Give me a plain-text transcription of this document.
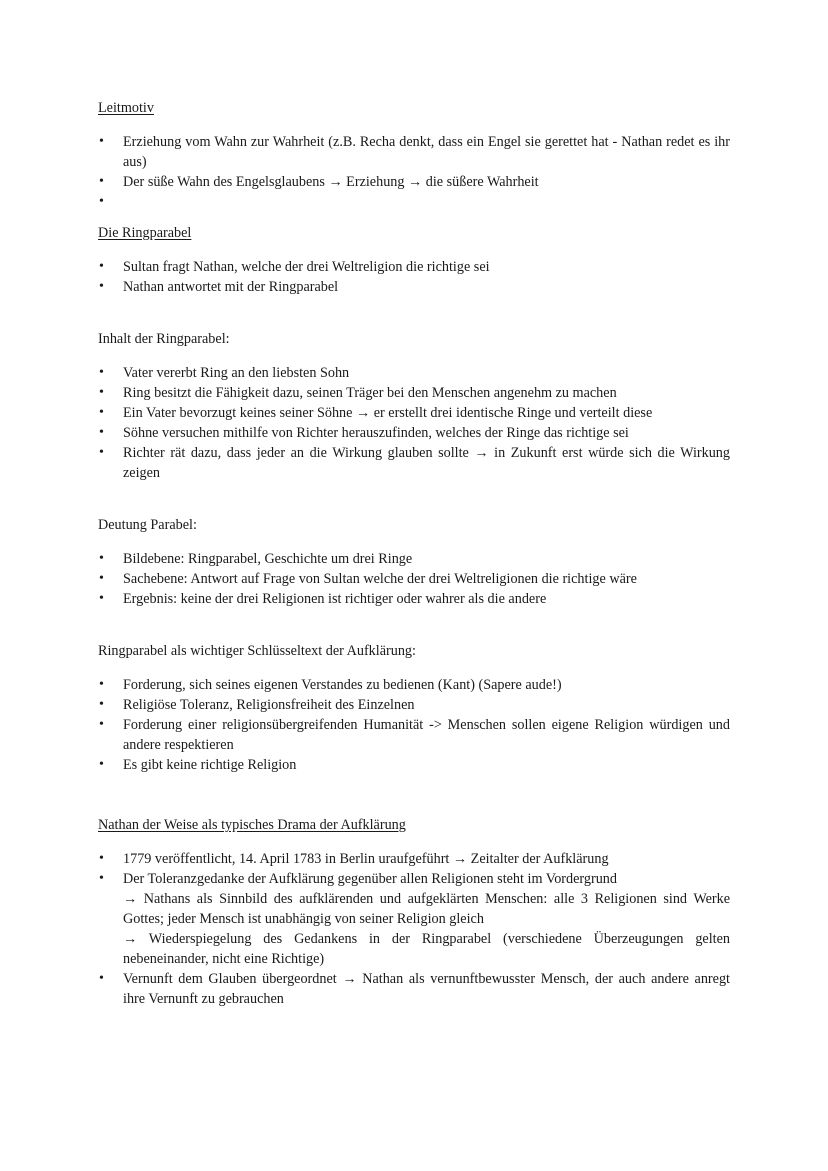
Leitmotiv
•	Erziehung vom Wahn zur Wahrheit (z.B. Recha denkt, dass ein Engel sie gerettet hat - Nathan redet es ihr aus)
•	Der süße Wahn des Engelsglaubens → Erziehung → die süßere Wahrheit
•
Die Ringparabel
•	Sultan fragt Nathan, welche der drei Weltreligion die richtige sei
•	Nathan antwortet mit der Ringparabel
Inhalt der Ringparabel:
•	Vater vererbt Ring an den liebsten Sohn
•	Ring besitzt die Fähigkeit dazu, seinen Träger bei den Menschen angenehm zu machen
•	Ein Vater bevorzugt keines seiner Söhne → er erstellt drei identische Ringe und verteilt diese
•	Söhne versuchen mithilfe von Richter herauszufinden, welches der Ringe das richtige sei
•	Richter rät dazu, dass jeder an die Wirkung glauben sollte → in Zukunft erst würde sich die Wirkung zeigen
Deutung Parabel:
•	Bildebene: Ringparabel, Geschichte um drei Ringe
•	Sachebene: Antwort auf Frage von Sultan welche der drei Weltreligionen die richtige wäre
•	Ergebnis: keine der drei Religionen ist richtiger oder wahrer als die andere
Ringparabel als wichtiger Schlüsseltext der Aufklärung:
•	Forderung, sich seines eigenen Verstandes zu bedienen (Kant) (Sapere aude!)
•	Religiöse Toleranz, Religionsfreiheit des Einzelnen
•	Forderung einer religionsübergreifenden Humanität -> Menschen sollen eigene Religion würdigen und andere respektieren
•	Es gibt keine richtige Religion
Nathan der Weise als typisches Drama der Aufklärung
•	1779 veröffentlicht, 14. April 1783 in Berlin uraufgeführt → Zeitalter der Aufklärung
•	Der Toleranzgedanke der Aufklärung gegenüber allen Religionen steht im Vordergrund
→ Nathans als Sinnbild des aufklärenden und aufgeklärten Menschen: alle 3 Religionen sind Werke Gottes; jeder Mensch ist unabhängig von seiner Religion gleich
→ Wiederspiegelung des Gedankens in der Ringparabel (verschiedene Überzeugungen gelten nebeneinander, nicht eine Richtige)
•	Vernunft dem Glauben übergeordnet → Nathan als vernunftbewusster Mensch, der auch andere anregt ihre Vernunft zu gebrauchen
